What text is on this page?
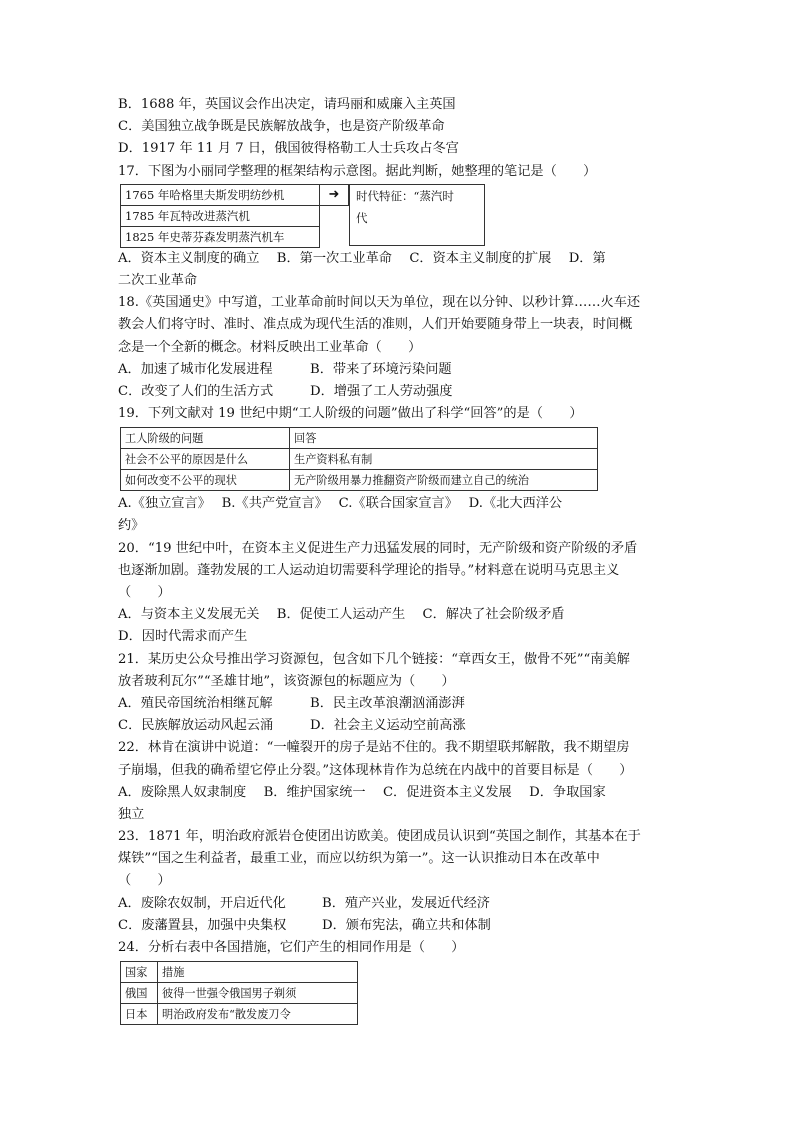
B．1688 年，英国议会作出决定，请玛丽和威廉入主英国
C．美国独立战争既是民族解放战争，也是资产阶级革命
D．1917 年 11 月 7 日，俄国彼得格勒工人士兵攻占冬宫
17．下图为小丽同学整理的框架结构示意图。据此判断，她整理的笔记是（　　）
1765 年哈格里夫斯发明纺纱机
1785 年瓦特改进蒸汽机
1825 年史蒂芬森发明蒸汽机车
➜	时代特征：“蒸汽时
代
A．资本主义制度的确立　 B．第一次工业革命　 C．资本主义制度的扩展　 D．第
二次工业革命
18.《英国通史》中写道，工业革命前时间以天为单位，现在以分钟、以秒计算……火车还
教会人们将守时、准时、准点成为现代生活的准则，人们开始要随身带上一块表，时间概
念是一个全新的概念。材料反映出工业革命（　　）
A．加速了城市化发展进程	B．带来了环境污染问题
C．改变了人们的生活方式	D．增强了工人劳动强度
19．下列文献对 19 世纪中期“工人阶级的问题”做出了科学“回答”的是（　　）
工人阶级的问题	回答
社会不公平的原因是什么	生产资料私有制
如何改变不公平的现状	无产阶级用暴力推翻资产阶级而建立自己的统治
A.《独立宣言》　 B.《共产党宣言》　 C.《联合国家宣言》　 D.《北大西洋公
约》
20．“19 世纪中叶，在资本主义促进生产力迅猛发展的同时，无产阶级和资产阶级的矛盾
也逐渐加剧。蓬勃发展的工人运动迫切需要科学理论的指导。”材料意在说明马克思主义
（　　）
A．与资本主义发展无关　 B．促使工人运动产生　 C．解决了社会阶级矛盾
D．因时代需求而产生
21．某历史公众号推出学习资源包，包含如下几个链接：“章西女王，傲骨不死”“南美解
放者玻利瓦尔”“圣雄甘地”，该资源包的标题应为（　　）
A．殖民帝国统治相继瓦解	B．民主改革浪潮汹涌澎湃
C．民族解放运动风起云涌	D．社会主义运动空前高涨
22．林肯在演讲中说道：“一幢裂开的房子是站不住的。我不期望联邦解散，我不期望房
子崩塌，但我的确希望它停止分裂。”这体现林肯作为总统在内战中的首要目标是（　　）
A．废除黑人奴隶制度　 B．维护国家统一　 C．促进资本主义发展　 D．争取国家
独立
23．1871 年，明治政府派岩仓使团出访欧美。使团成员认识到“英国之制作，其基本在于
煤铁”“国之生利益者，最重工业，而应以纺织为第一”。这一认识推动日本在改革中
（　　）
A．废除农奴制，开启近代化	B．殖产兴业，发展近代经济
C．废藩置县，加强中央集权	D．颁布宪法，确立共和体制
24．分析右表中各国措施，它们产生的相同作用是（　　）
国家	措施
俄国	彼得一世强令俄国男子剃须
日本	明治政府发布“散发废刀令
